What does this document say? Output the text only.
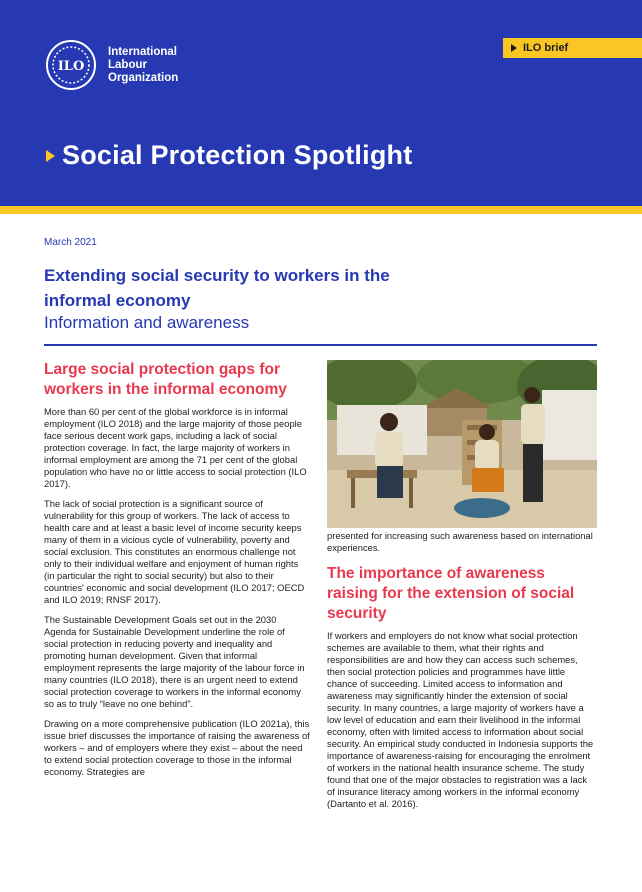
ILO
International
Labour
Organization
ILO brief
Social Protection Spotlight
March 2021
Extending social security to workers in the informal economy
Information and awareness
Large social protection gaps for workers in the informal economy

More than 60 per cent of the global workforce is in informal employment (ILO 2018) and the large majority of those people face serious decent work gaps, including a lack of social protection coverage. In fact, the large majority of workers in informal employment are among the 71 per cent of the global population who have no or little access to social protection (ILO 2017).

The lack of social protection is a significant source of vulnerability for this group of workers. The lack of access to health care and at least a basic level of income security keeps many of them in a vicious cycle of vulnerability, poverty and social exclusion. This constitutes an enormous challenge not only to their individual welfare and enjoyment of human rights (in particular the right to social security) but also to their countries' economic and social development (ILO 2017; OECD and ILO 2019; RNSF 2017).

The Sustainable Development Goals set out in the 2030 Agenda for Sustainable Development underline the role of social protection in reducing poverty and inequality and promoting human development. Given that informal employment represents the large majority of the labour force in many countries (ILO 2018), there is an urgent need to extend social protection coverage to workers in the informal economy so as to truly “leave no one behind”.

Drawing on a more comprehensive publication (ILO 2021a), this issue brief discusses the importance of raising the awareness of workers – and of employers where they exist – about the need to extend social protection coverage to those in the informal economy. Strategies are

presented for increasing such awareness based on international experiences.

The importance of awareness raising for the extension of social security

If workers and employers do not know what social protection schemes are available to them, what their rights and responsibilities are and how they can access such schemes, then social protection policies and programmes have little chance of succeeding. Limited access to information and awareness may significantly hinder the extension of social security. In many countries, a large majority of workers have a low level of education and earn their livelihood in the informal economy, often with limited access to information about social security. An empirical study conducted in Indonesia supports the importance of awareness-raising for encouraging the enrolment of workers in the national health insurance scheme. The study found that one of the major obstacles to registration was a lack of insurance literacy among workers in the informal economy (Dartanto et al. 2016).
